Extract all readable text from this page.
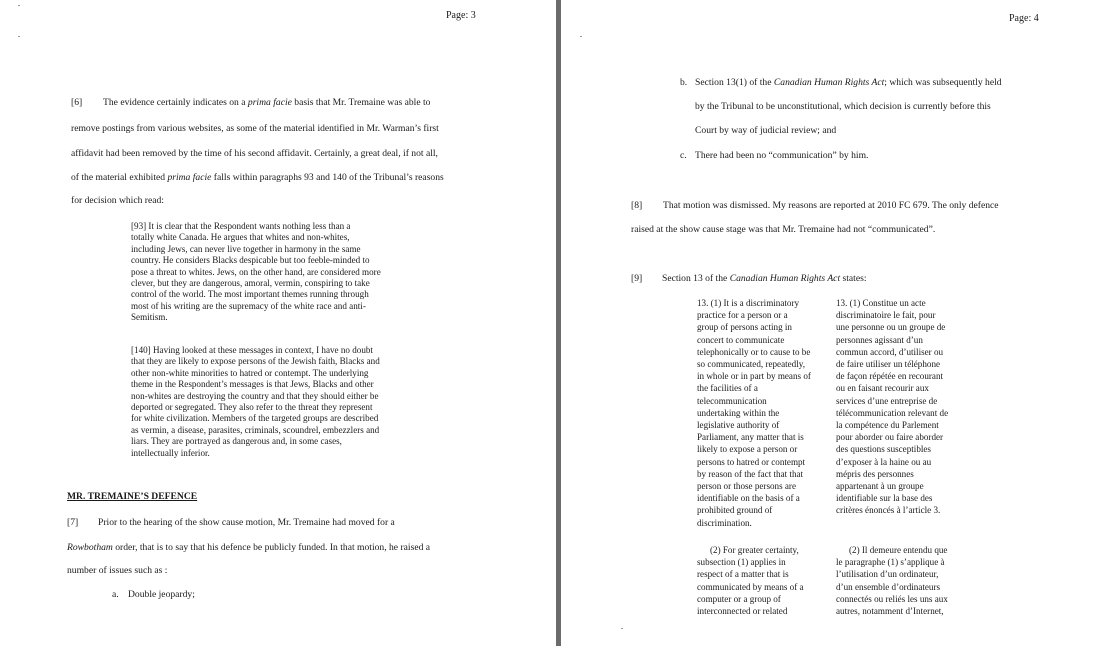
Page: 3
[6] The evidence certainly indicates on a prima facie basis that Mr. Tremaine was able to
remove postings from various websites, as some of the material identified in Mr. Warman’s first
affidavit had been removed by the time of his second affidavit. Certainly, a great deal, if not all,
of the material exhibited prima facie falls within paragraphs 93 and 140 of the Tribunal’s reasons
for decision which read:
[93] It is clear that the Respondent wants nothing less than a
totally white Canada. He argues that whites and non-whites,
including Jews, can never live together in harmony in the same
country. He considers Blacks despicable but too feeble-minded to
pose a threat to whites. Jews, on the other hand, are considered more
clever, but they are dangerous, amoral, vermin, conspiring to take
control of the world. The most important themes running through
most of his writing are the supremacy of the white race and anti-
Semitism.
[140] Having looked at these messages in context, I have no doubt
that they are likely to expose persons of the Jewish faith, Blacks and
other non-white minorities to hatred or contempt. The underlying
theme in the Respondent’s messages is that Jews, Blacks and other
non-whites are destroying the country and that they should either be
deported or segregated. They also refer to the threat they represent
for white civilization. Members of the targeted groups are described
as vermin, a disease, parasites, criminals, scoundrel, embezzlers and
liars. They are portrayed as dangerous and, in some cases,
intellectually inferior.
MR. TREMAINE’S DEFENCE
[7] Prior to the hearing of the show cause motion, Mr. Tremaine had moved for a
Rowbotham order, that is to say that his defence be publicly funded. In that motion, he raised a
number of issues such as :
a. Double jeopardy;
Page: 4
b. Section 13(1) of the Canadian Human Rights Act; which was subsequently held
by the Tribunal to be unconstitutional, which decision is currently before this
Court by way of judicial review; and
c. There had been no “communication” by him.
[8] That motion was dismissed. My reasons are reported at 2010 FC 679. The only defence
raised at the show cause stage was that Mr. Tremaine had not “communicated”.
[9] Section 13 of the Canadian Human Rights Act states:
13. (1) It is a discriminatory
practice for a person or a
group of persons acting in
concert to communicate
telephonically or to cause to be
so communicated, repeatedly,
in whole or in part by means of
the facilities of a
telecommunication
undertaking within the
legislative authority of
Parliament, any matter that is
likely to expose a person or
persons to hatred or contempt
by reason of the fact that that
person or those persons are
identifiable on the basis of a
prohibited ground of
discrimination.
13. (1) Constitue un acte
discriminatoire le fait, pour
une personne ou un groupe de
personnes agissant d’un
commun accord, d’utiliser ou
de faire utiliser un téléphone
de façon répétée en recourant
ou en faisant recourir aux
services d’une entreprise de
télécommunication relevant de
la compétence du Parlement
pour aborder ou faire aborder
des questions susceptibles
d’exposer à la haine ou au
mépris des personnes
appartenant à un groupe
identifiable sur la base des
critères énoncés à l’article 3.
(2) For greater certainty,
subsection (1) applies in
respect of a matter that is
communicated by means of a
computer or a group of
interconnected or related
(2) Il demeure entendu que
le paragraphe (1) s’applique à
l’utilisation d’un ordinateur,
d’un ensemble d’ordinateurs
connectés ou reliés les uns aux
autres, notamment d’Internet,
